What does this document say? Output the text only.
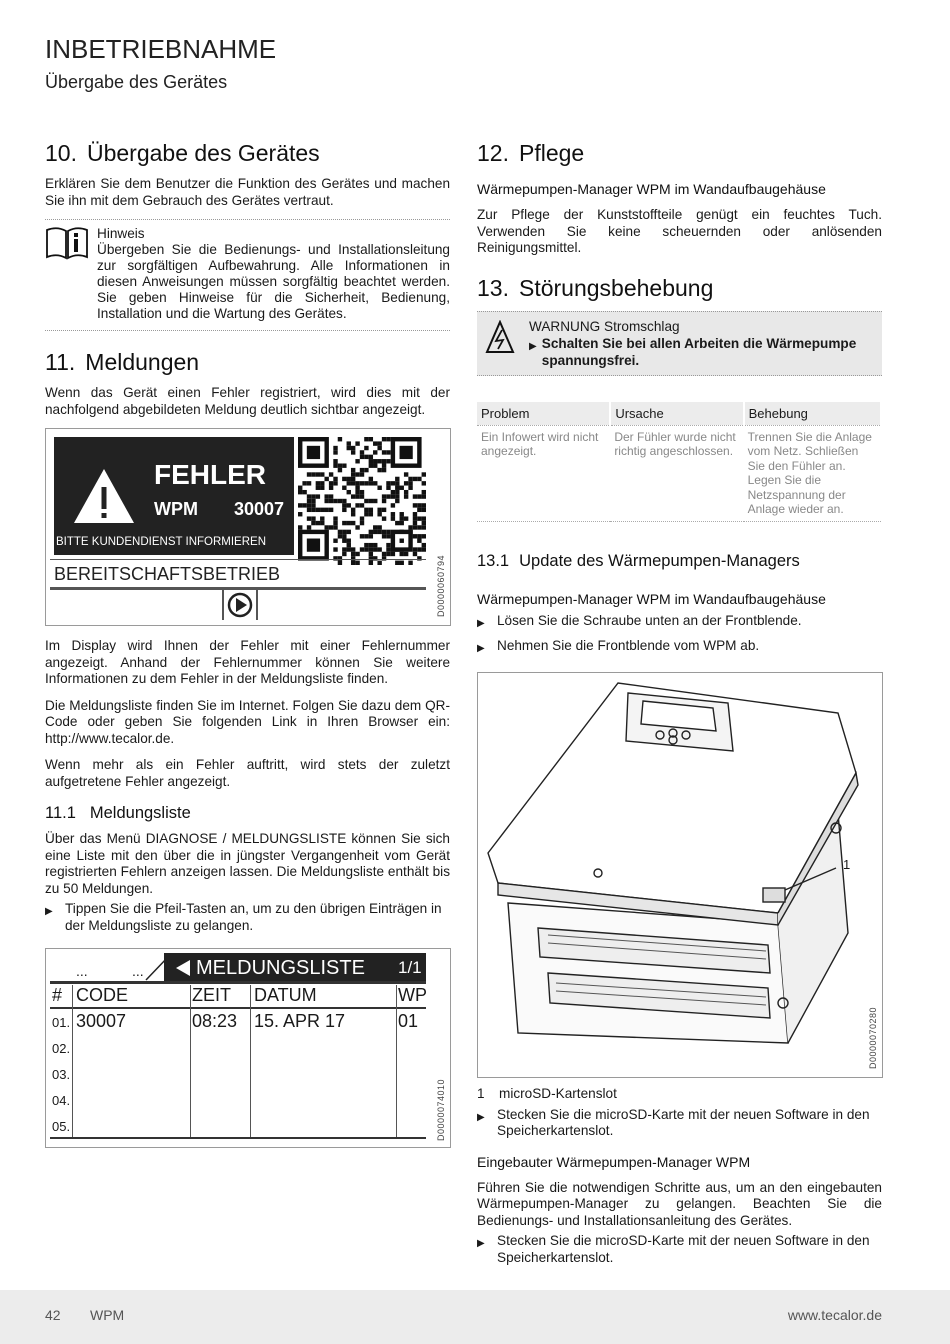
INBETRIEBNAHME
Übergabe des Gerätes
10. Übergabe des Gerätes

Erklären Sie dem Benutzer die Funktion des Gerätes und machen Sie ihn mit dem Gebrauch des Gerätes vertraut.

Hinweis
Übergeben Sie die Bedienungs- und Installationsleitung zur sorgfältigen Aufbewahrung. Alle Informationen in diesen Anweisungen müssen sorgfältig beachtet werden. Sie geben Hinweise für die Sicherheit, Bedienung, Installation und die Wartung des Gerätes.
11. Meldungen

Wenn das Gerät einen Fehler registriert, wird dies mit der nachfolgend abgebildeten Meldung deutlich sichtbar angezeigt.

FEHLER
WPM 30007
BITTE KUNDENDIENST INFORMIEREN
BEREITSCHAFTSBETRIEB	D0000060794

Im Display wird Ihnen der Fehler mit einer Fehlernummer angezeigt. Anhand der Fehlernummer können Sie weitere Informationen zu dem Fehler in der Meldungsliste finden.

Die Meldungsliste finden Sie im Internet. Folgen Sie dazu dem QR-Code oder geben Sie folgenden Link in Ihren Browser ein: http://www.tecalor.de.

Wenn mehr als ein Fehler auftritt, wird stets der zuletzt aufgetretene Fehler angezeigt.

11.1 Meldungsliste

Über das Menü DIAGNOSE / MELDUNGSLISTE können Sie sich eine Liste mit den über die in jüngster Vergangenheit vom Gerät registrierten Fehlern anzeigen lassen. Die Meldungsliste enthält bis zu 50 Meldungen.

▶ Tippen Sie die Pfeil-Tasten an, um zu den übrigen Einträgen in der Meldungsliste zu gelangen.
...	...	MELDUNGSLISTE 1/1
# CODE	ZEIT DATUM	WP
01. 30007	08:23 15. APR 17	01
02.
03.
04.
05.	D0000074010
12. Pflege
Wärmepumpen-Manager WPM im Wandaufbaugehäuse

Zur Pflege der Kunststoffteile genügt ein feuchtes Tuch. Verwenden Sie keine scheuernden oder anlösenden Reinigungsmittel.

13. Störungsbehebung
WARNUNG Stromschlag
▶ Schalten Sie bei allen Arbeiten die Wärmepumpe spannungsfrei.
Problem	Ursache	Behebung
Ein Infowert wird nicht angezeigt.	Der Fühler wurde nicht richtig angeschlossen.	Trennen Sie die Anlage vom Netz. Schließen Sie den Fühler an. Legen Sie die Netzspannung der Anlage wieder an.
13.1 Update des Wärmepumpen-Managers
Wärmepumpen-Manager WPM im Wandaufbaugehäuse
▶ Lösen Sie die Schraube unten an der Frontblende.
▶ Nehmen Sie die Frontblende vom WPM ab.
1
D0000070280
1	microSD-Kartenslot
▶ Stecken Sie die microSD-Karte mit der neuen Software in den Speicherkartenslot.
Eingebauter Wärmepumpen-Manager WPM

Führen Sie die notwendigen Schritte aus, um an den eingebauten Wärmepumpen-Manager zu gelangen. Beachten Sie die Bedienungs- und Installationsanleitung des Gerätes.

▶ Stecken Sie die microSD-Karte mit der neuen Software in den Speicherkartenslot.
42 WPM	www.tecalor.de
